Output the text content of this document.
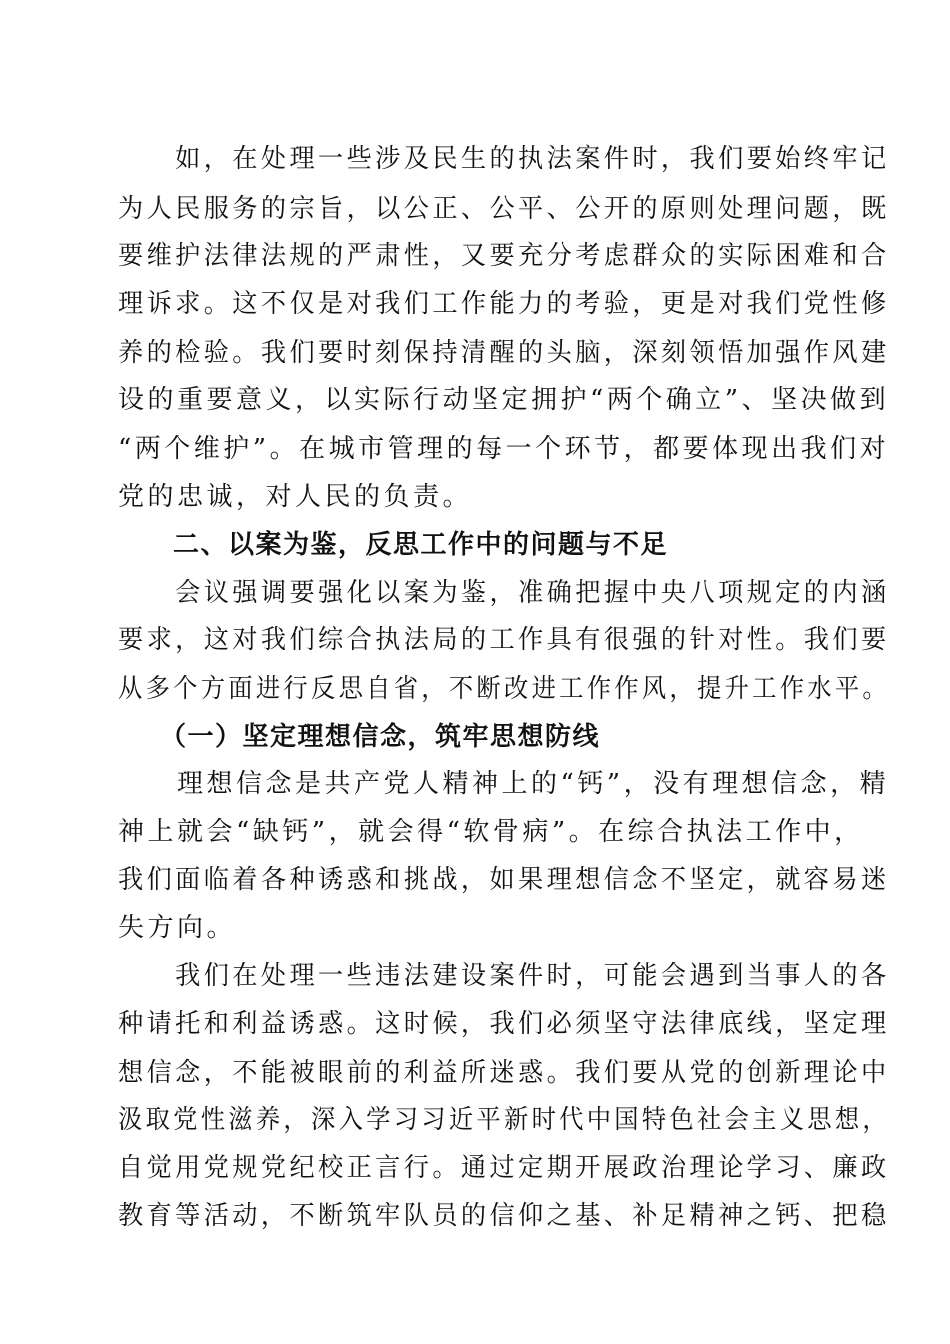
　　如，在处理一些涉及民生的执法案件时，我们要始终牢记
为人民服务的宗旨，以公正、公平、公开的原则处理问题，既
要维护法律法规的严肃性，又要充分考虑群众的实际困难和合
理诉求。这不仅是对我们工作能力的考验，更是对我们党性修
养的检验。我们要时刻保持清醒的头脑，深刻领悟加强作风建
设的重要意义，以实际行动坚定拥护“两个确立”、坚决做到
“两个维护”。在城市管理的每一个环节，都要体现出我们对
党的忠诚，对人民的负责。
　　二、以案为鉴，反思工作中的问题与不足
　　会议强调要强化以案为鉴，准确把握中央八项规定的内涵
要求，这对我们综合执法局的工作具有很强的针对性。我们要
从多个方面进行反思自省，不断改进工作作风，提升工作水平。
　　（一）坚定理想信念，筑牢思想防线
　　理想信念是共产党人精神上的“钙”，没有理想信念，精
神上就会“缺钙”，就会得“软骨病”。在综合执法工作中，
我们面临着各种诱惑和挑战，如果理想信念不坚定，就容易迷
失方向。
　　我们在处理一些违法建设案件时，可能会遇到当事人的各
种请托和利益诱惑。这时候，我们必须坚守法律底线，坚定理
想信念，不能被眼前的利益所迷惑。我们要从党的创新理论中
汲取党性滋养，深入学习习近平新时代中国特色社会主义思想，
自觉用党规党纪校正言行。通过定期开展政治理论学习、廉政
教育等活动，不断筑牢队员的信仰之基、补足精神之钙、把稳
